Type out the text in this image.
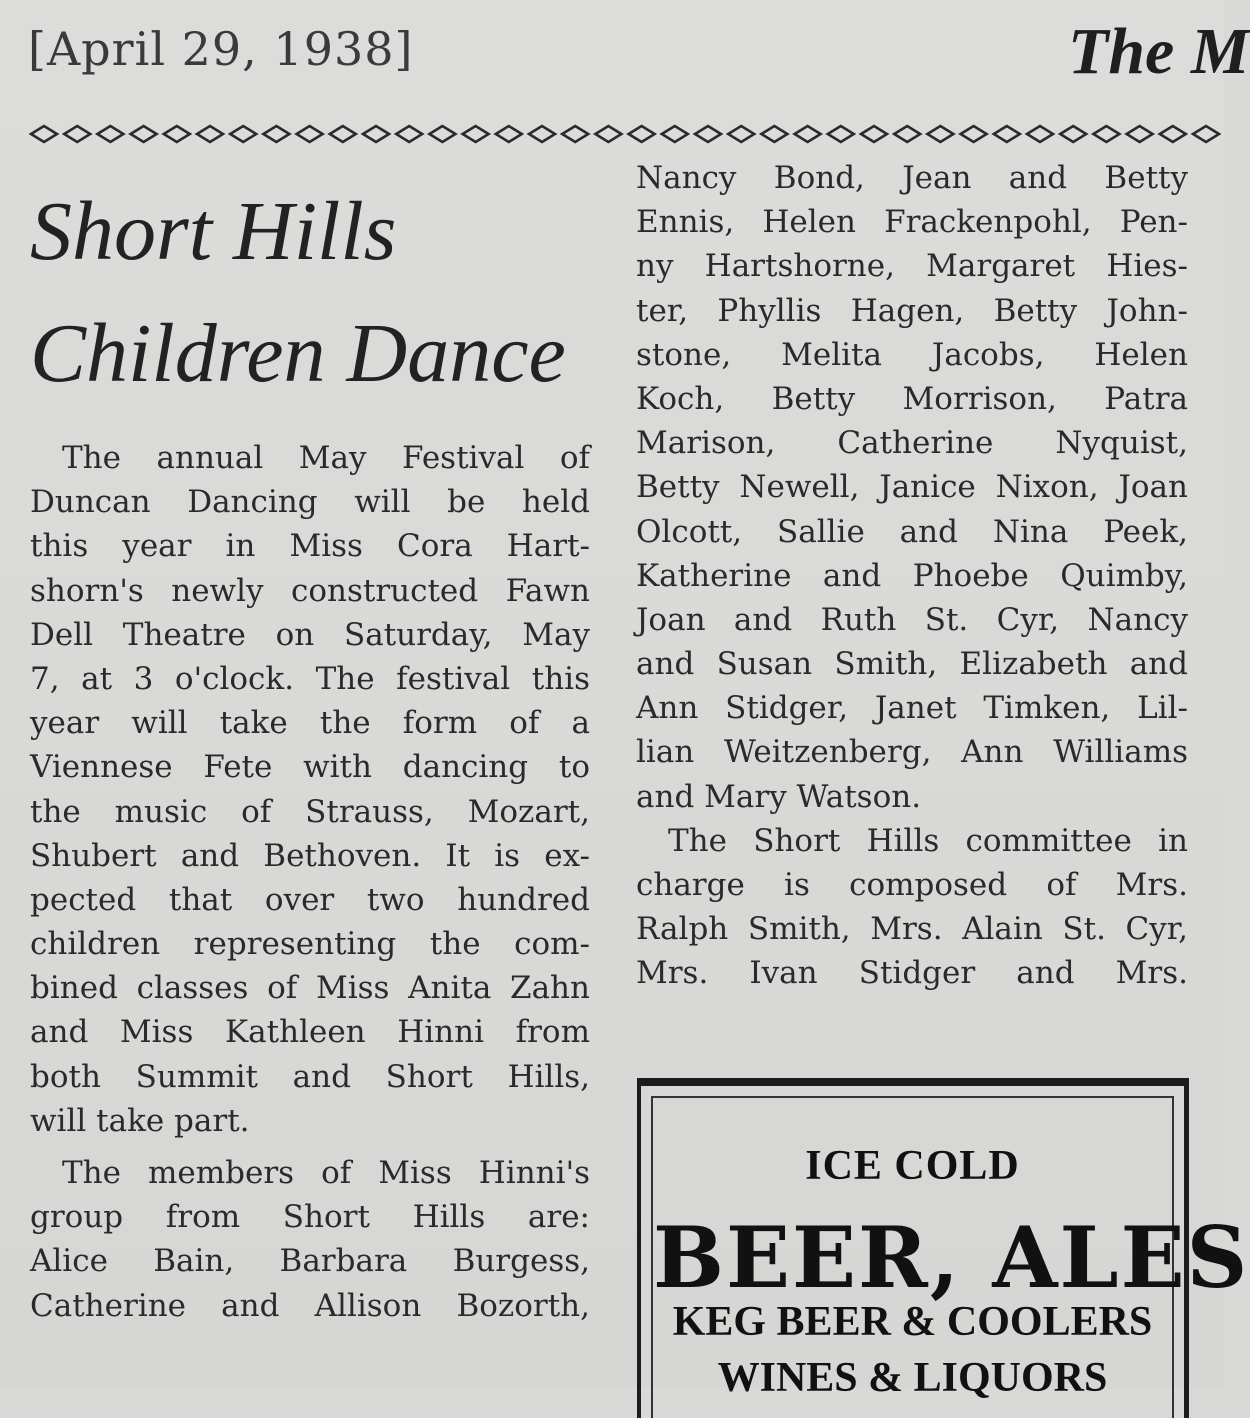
[April 29, 1938]	The M
Short Hills
Children Dance
The annual May Festival of
Duncan Dancing will be held
this year in Miss Cora Hart-
shorn's newly constructed Fawn
Dell Theatre on Saturday, May
7, at 3 o'clock. The festival this
year will take the form of a
Viennese Fete with dancing to
the music of Strauss, Mozart,
Shubert and Bethoven. It is ex-
pected that over two hundred
children representing the com-
bined classes of Miss Anita Zahn
and Miss Kathleen Hinni from
both Summit and Short Hills,
will take part.
The members of Miss Hinni's
group from Short Hills are:
Alice Bain, Barbara Burgess,
Catherine and Allison Bozorth,
Nancy Bond, Jean and Betty
Ennis, Helen Frackenpohl, Pen-
ny Hartshorne, Margaret Hies-
ter, Phyllis Hagen, Betty John-
stone, Melita Jacobs, Helen
Koch, Betty Morrison, Patra
Marison, Catherine Nyquist,
Betty Newell, Janice Nixon, Joan
Olcott, Sallie and Nina Peek,
Katherine and Phoebe Quimby,
Joan and Ruth St. Cyr, Nancy
and Susan Smith, Elizabeth and
Ann Stidger, Janet Timken, Lil-
lian Weitzenberg, Ann Williams
and Mary Watson.
The Short Hills committee in
charge is composed of Mrs.
Ralph Smith, Mrs. Alain St. Cyr,
Mrs. Ivan Stidger and Mrs.
ICE COLD
BEER, ALES
KEG BEER & COOLERS
WINES & LIQUORS
